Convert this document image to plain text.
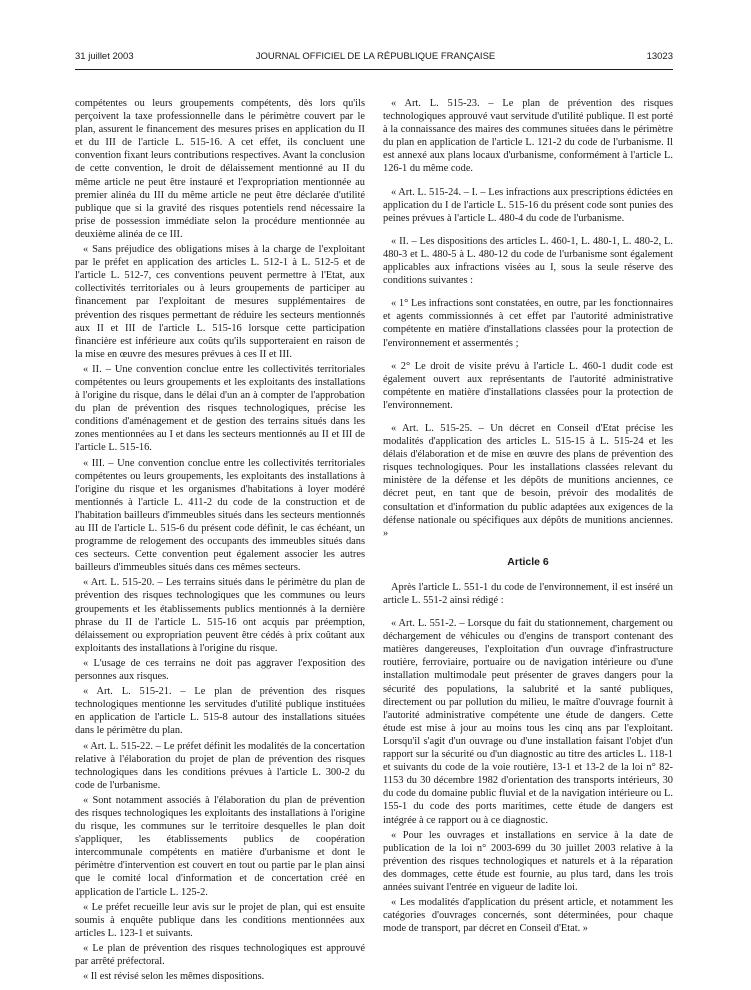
31 juillet 2003	JOURNAL OFFICIEL DE LA RÉPUBLIQUE FRANÇAISE	13023

compétentes ou leurs groupements compétents, dès lors qu'ils perçoivent la taxe professionnelle dans le périmètre couvert par le plan, assurent le financement des mesures prises en application du II et du III de l'article L. 515-16. A cet effet, ils concluent une convention fixant leurs contributions respectives. Avant la conclusion de cette convention, le droit de délaissement mentionné au II du même article ne peut être instauré et l'expropriation mentionnée au premier alinéa du III du même article ne peut être déclarée d'utilité publique que si la gravité des risques potentiels rend nécessaire la prise de possession immédiate selon la procédure mentionnée au deuxième alinéa de ce III.

« Sans préjudice des obligations mises à la charge de l'exploitant par le préfet en application des articles L. 512-1 à L. 512-5 et de l'article L. 512-7, ces conventions peuvent permettre à l'Etat, aux collectivités territoriales ou à leurs groupements de participer au financement par l'exploitant de mesures supplémentaires de prévention des risques permettant de réduire les secteurs mentionnés aux II et III de l'article L. 515-16 lorsque cette participation financière est inférieure aux coûts qu'ils supporteraient en raison de la mise en œuvre des mesures prévues à ces II et III.

« II. – Une convention conclue entre les collectivités territoriales compétentes ou leurs groupements et les exploitants des installations à l'origine du risque, dans le délai d'un an à compter de l'approbation du plan de prévention des risques technologiques, précise les conditions d'aménagement et de gestion des terrains situés dans les zones mentionnées au I et dans les secteurs mentionnés au II et III de l'article L. 515-16.

« III. – Une convention conclue entre les collectivités territoriales compétentes ou leurs groupements, les exploitants des installations à l'origine du risque et les organismes d'habitations à loyer modéré mentionnés à l'article L. 411-2 du code de la construction et de l'habitation bailleurs d'immeubles situés dans les secteurs mentionnés au III de l'article L. 515-6 du présent code définit, le cas échéant, un programme de relogement des occupants des immeubles situés dans ces secteurs. Cette convention peut également associer les autres bailleurs d'immeubles situés dans ces mêmes secteurs.

« Art. L. 515-20. – Les terrains situés dans le périmètre du plan de prévention des risques technologiques que les communes ou leurs groupements et les établissements publics mentionnés à la dernière phrase du II de l'article L. 515-16 ont acquis par préemption, délaissement ou expropriation peuvent être cédés à prix coûtant aux exploitants des installations à l'origine du risque.

« L'usage de ces terrains ne doit pas aggraver l'exposition des personnes aux risques.

« Art. L. 515-21. – Le plan de prévention des risques technologiques mentionne les servitudes d'utilité publique instituées en application de l'article L. 515-8 autour des installations situées dans le périmètre du plan.

« Art. L. 515-22. – Le préfet définit les modalités de la concertation relative à l'élaboration du projet de plan de prévention des risques technologiques dans les conditions prévues à l'article L. 300-2 du code de l'urbanisme.

« Sont notamment associés à l'élaboration du plan de prévention des risques technologiques les exploitants des installations à l'origine du risque, les communes sur le territoire desquelles le plan doit s'appliquer, les établissements publics de coopération intercommunale compétents en matière d'urbanisme et dont le périmètre d'intervention est couvert en tout ou partie par le plan ainsi que le comité local d'information et de concertation créé en application de l'article L. 125-2.

« Le préfet recueille leur avis sur le projet de plan, qui est ensuite soumis à enquête publique dans les conditions mentionnées aux articles L. 123-1 et suivants.

« Le plan de prévention des risques technologiques est approuvé par arrêté préfectoral.

« Il est révisé selon les mêmes dispositions.

« Art. L. 515-23. – Le plan de prévention des risques technologiques approuvé vaut servitude d'utilité publique. Il est porté à la connaissance des maires des communes situées dans le périmètre du plan en application de l'article L. 121-2 du code de l'urbanisme. Il est annexé aux plans locaux d'urbanisme, conformément à l'article L. 126-1 du même code.

« Art. L. 515-24. – I. – Les infractions aux prescriptions édictées en application du I de l'article L. 515-16 du présent code sont punies des peines prévues à l'article L. 480-4 du code de l'urbanisme.

« II. – Les dispositions des articles L. 460-1, L. 480-1, L. 480-2, L. 480-3 et L. 480-5 à L. 480-12 du code de l'urbanisme sont également applicables aux infractions visées au I, sous la seule réserve des conditions suivantes :

« 1° Les infractions sont constatées, en outre, par les fonctionnaires et agents commissionnés à cet effet par l'autorité administrative compétente en matière d'installations classées pour la protection de l'environnement et assermentés ;

« 2° Le droit de visite prévu à l'article L. 460-1 dudit code est également ouvert aux représentants de l'autorité administrative compétente en matière d'installations classées pour la protection de l'environnement.

« Art. L. 515-25. – Un décret en Conseil d'Etat précise les modalités d'application des articles L. 515-15 à L. 515-24 et les délais d'élaboration et de mise en œuvre des plans de prévention des risques technologiques. Pour les installations classées relevant du ministère de la défense et les dépôts de munitions anciennes, ce décret peut, en tant que de besoin, prévoir des modalités de consultation et d'information du public adaptées aux exigences de la défense nationale ou spécifiques aux dépôts de munitions anciennes. »

Article 6

Après l'article L. 551-1 du code de l'environnement, il est inséré un article L. 551-2 ainsi rédigé :

« Art. L. 551-2. – Lorsque du fait du stationnement, chargement ou déchargement de véhicules ou d'engins de transport contenant des matières dangereuses, l'exploitation d'un ouvrage d'infrastructure routière, ferroviaire, portuaire ou de navigation intérieure ou d'une installation multimodale peut présenter de graves dangers pour la sécurité des populations, la salubrité et la santé publiques, directement ou par pollution du milieu, le maître d'ouvrage fournit à l'autorité administrative compétente une étude de dangers. Cette étude est mise à jour au moins tous les cinq ans par l'exploitant. Lorsqu'il s'agit d'un ouvrage ou d'une installation faisant l'objet d'un rapport sur la sécurité ou d'un diagnostic au titre des articles L. 118-1 et suivants du code de la voie routière, 13-1 et 13-2 de la loi n° 82-1153 du 30 décembre 1982 d'orientation des transports intérieurs, 30 du code du domaine public fluvial et de la navigation intérieure ou L. 155-1 du code des ports maritimes, cette étude de dangers est intégrée à ce rapport ou à ce diagnostic.

« Pour les ouvrages et installations en service à la date de publication de la loi n° 2003-699 du 30 juillet 2003 relative à la prévention des risques technologiques et naturels et à la réparation des dommages, cette étude est fournie, au plus tard, dans les trois années suivant l'entrée en vigueur de ladite loi.

« Les modalités d'application du présent article, et notamment les catégories d'ouvrages concernés, sont déterminées, pour chaque mode de transport, par décret en Conseil d'Etat. »
